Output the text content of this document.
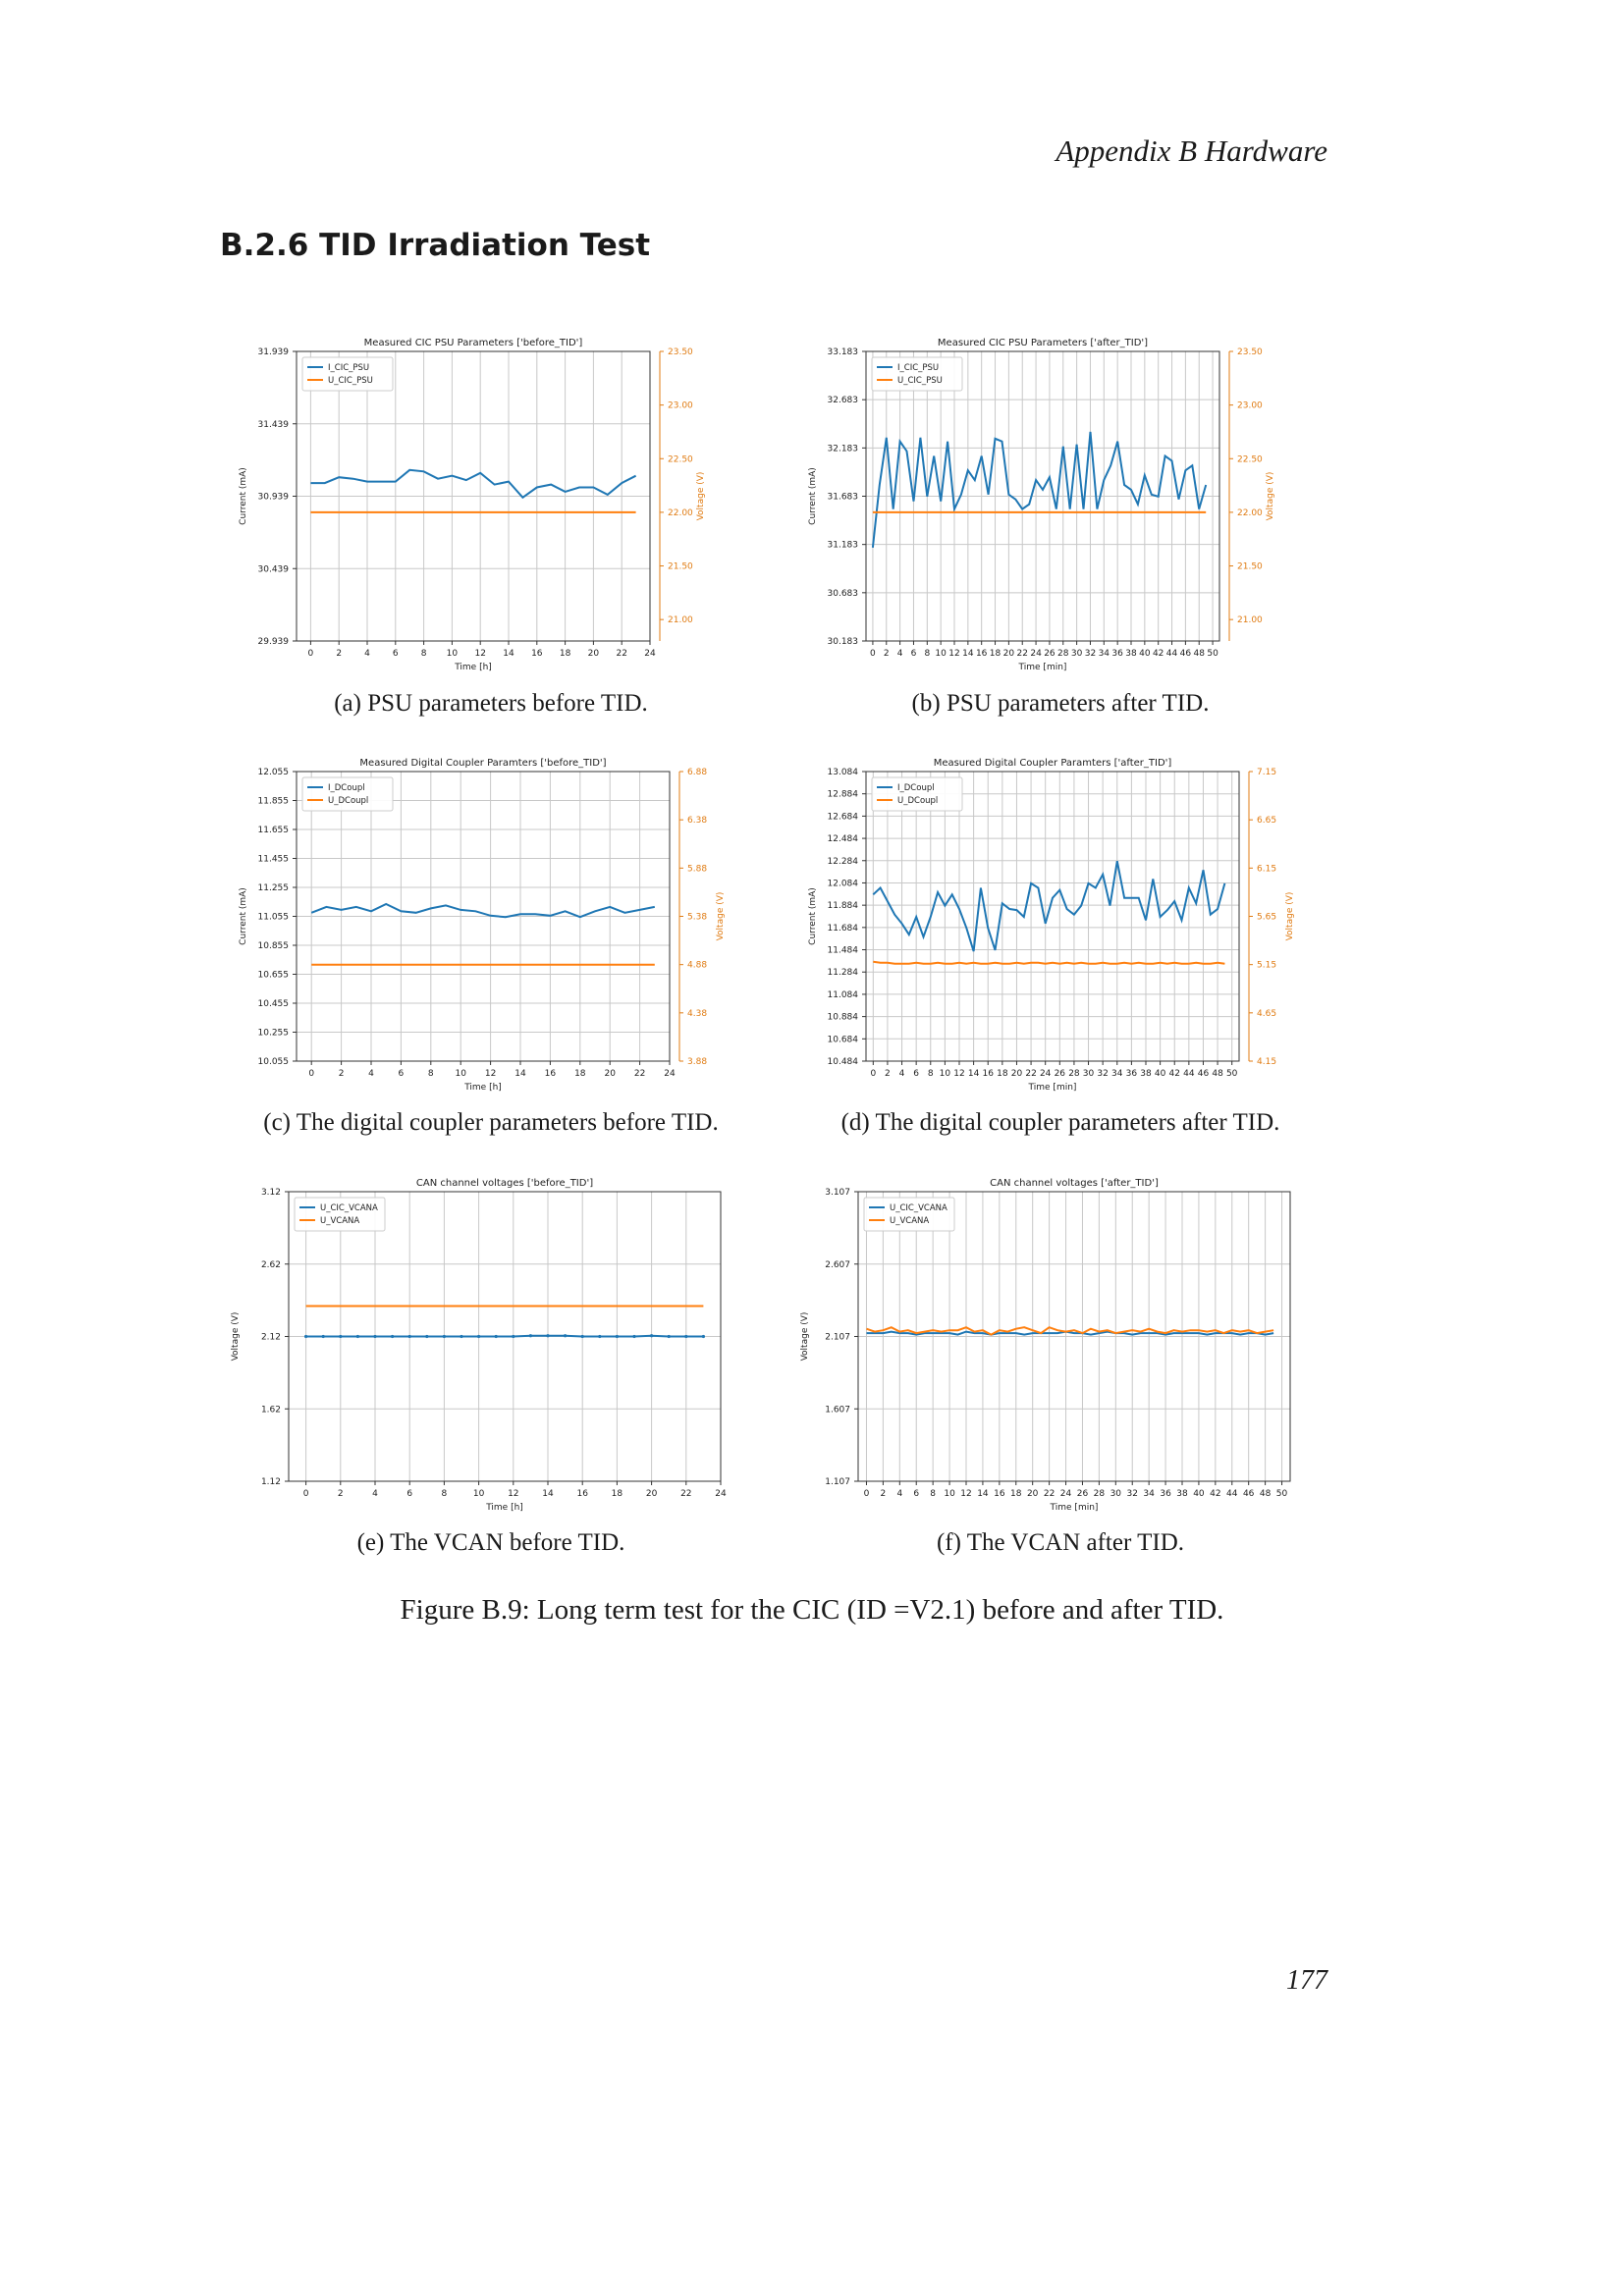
Appendix B Hardware
B.2.6 TID Irradiation Test
Measured CIC PSU Parameters ['before_TID']
0	2	4	6	8 10 12 14 16 18 20 22 24
Time [h]
29.939
30.439
30.939
31.439
31.939
Current (mA)
21.00
21.50
22.00
22.50
23.00
23.50
Voltage (V)
I_CIC_PSU
U_CIC_PSU
Measured CIC PSU Parameters ['after_TID']
0 2 4 6 8 10 12 14 16 18 20 22 24 26 28 30 32 34 36 38 40 42 44 46 48 50
Time [min]
30.183
30.683
31.183
31.683
32.183
32.683
33.183
Current (mA)
21.00
21.50
22.00
22.50
23.00
23.50
Voltage (V)
I_CIC_PSU
U_CIC_PSU
(a) PSU parameters before TID.	(b) PSU parameters after TID.
Measured Digital Coupler Paramters ['before_TID']
0	2	4	6	8 10 12 14 16 18 20 22 24
Time [h]
10.055
10.255
10.455
10.655
10.855
11.055
11.255
11.455
11.655
11.855
12.055
Current (mA)
3.88
4.38
4.88
5.38
5.88
6.38
6.88
Voltage (V)
I_DCoupl
U_DCoupl
Measured Digital Coupler Paramters ['after_TID']
0 2 4 6 8 10 12 14 16 18 20 22 24 26 28 30 32 34 36 38 40 42 44 46 48 50
Time [min]
10.484
10.684
10.884
11.084
11.284
11.484
11.684
11.884
12.084
12.284
12.484
12.684
12.884
13.084
Current (mA)
4.15
4.65
5.15
5.65
6.15
6.65
7.15
Voltage (V)
I_DCoupl
U_DCoupl
(c) The digital coupler parameters before TID.	(d) The digital coupler parameters after TID.
CAN channel voltages ['before_TID']
0	2	4	6	8	10	12	14	16	18	20	22	24
Time [h]
1.12
1.62
2.12
2.62
3.12
Voltage (V)
U_CIC_VCANA
U_VCANA
CAN channel voltages ['after_TID']
0 2 4 6 8 10 12 14 16 18 20 22 24 26 28 30 32 34 36 38 40 42 44 46 48 50
Time [min]
1.107
1.607
2.107
2.607
3.107
Voltage (V)
U_CIC_VCANA
U_VCANA
(e) The VCAN before TID.	(f) The VCAN after TID.
Figure B.9: Long term test for the CIC (ID =V2.1) before and after TID.
177
